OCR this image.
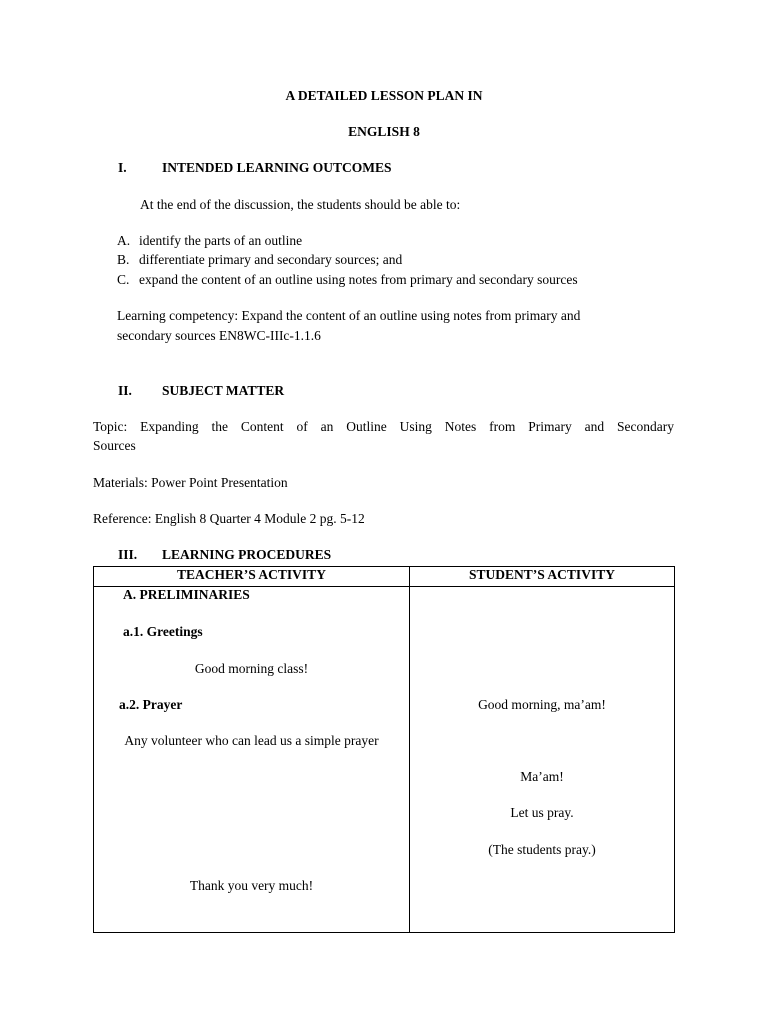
A DETAILED LESSON PLAN IN
ENGLISH 8
I.	INTENDED LEARNING OUTCOMES
At the end of the discussion, the students should be able to:
A. identify the parts of an outline
B. differentiate primary and secondary sources; and
C. expand the content of an outline using notes from primary and secondary sources
Learning competency: Expand the content of an outline using notes from primary and
secondary sources EN8WC-IIIc-1.1.6
II. SUBJECT MATTER
Topic: Expanding the Content of an Outline Using Notes from Primary and Secondary
Sources
Materials: Power Point Presentation
Reference: English 8 Quarter 4 Module 2 pg. 5-12
III. LEARNING PROCEDURES
TEACHER’S ACTIVITY	STUDENT’S ACTIVITY
A. PRELIMINARIES
a.1. Greetings
Good morning class!
a.2. Prayer
Any volunteer who can lead us a simple prayer
Thank you very much!
Good morning, ma’am!
Ma’am!
Let us pray.
(The students pray.)
